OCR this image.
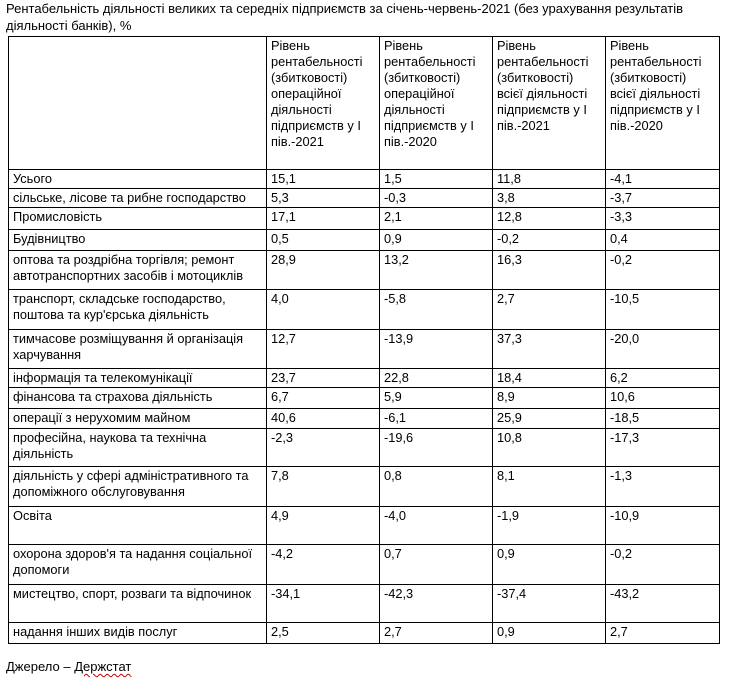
Рентабельність діяльності великих та середніх підприємств за січень-червень-2021 (без урахування результатів діяльності банків), %
	Рівень рентабельності (збитковості) операційної діяльності підприємств у І пів.-2021	Рівень рентабельності (збитковості) операційної діяльності підприємств у І пів.-2020	Рівень рентабельності (збитковості) всієї діяльності підприємств у І пів.-2021	Рівень рентабельності (збитковості) всієї діяльності підприємств у І пів.-2020
Усього	15,1	1,5	11,8	-4,1
сільське, лісове та рибне господарство	5,3	-0,3	3,8	-3,7
Промисловість	17,1	2,1	12,8	-3,3
Будівництво	0,5	0,9	-0,2	0,4
оптова та роздрібна торгівля; ремонт автотранспортних засобів і мотоциклів	28,9	13,2	16,3	-0,2
транспорт, складське господарство, поштова та кур'єрська діяльність	4,0	-5,8	2,7	-10,5
тимчасове розміщування й організація харчування	12,7	-13,9	37,3	-20,0
інформація та телекомунікації	23,7	22,8	18,4	6,2
фінансова та страхова діяльність	6,7	5,9	8,9	10,6
операції з нерухомим майном	40,6	-6,1	25,9	-18,5
професійна, наукова та технічна діяльність	-2,3	-19,6	10,8	-17,3
діяльність у сфері адміністративного та допоміжного обслуговування	7,8	0,8	8,1	-1,3
Освіта	4,9	-4,0	-1,9	-10,9
охорона здоров'я та надання соціальної допомоги	-4,2	0,7	0,9	-0,2
мистецтво, спорт, розваги та відпочинок	-34,1	-42,3	-37,4	-43,2
надання інших видів послуг	2,5	2,7	0,9	2,7
Джерело – Держстат
